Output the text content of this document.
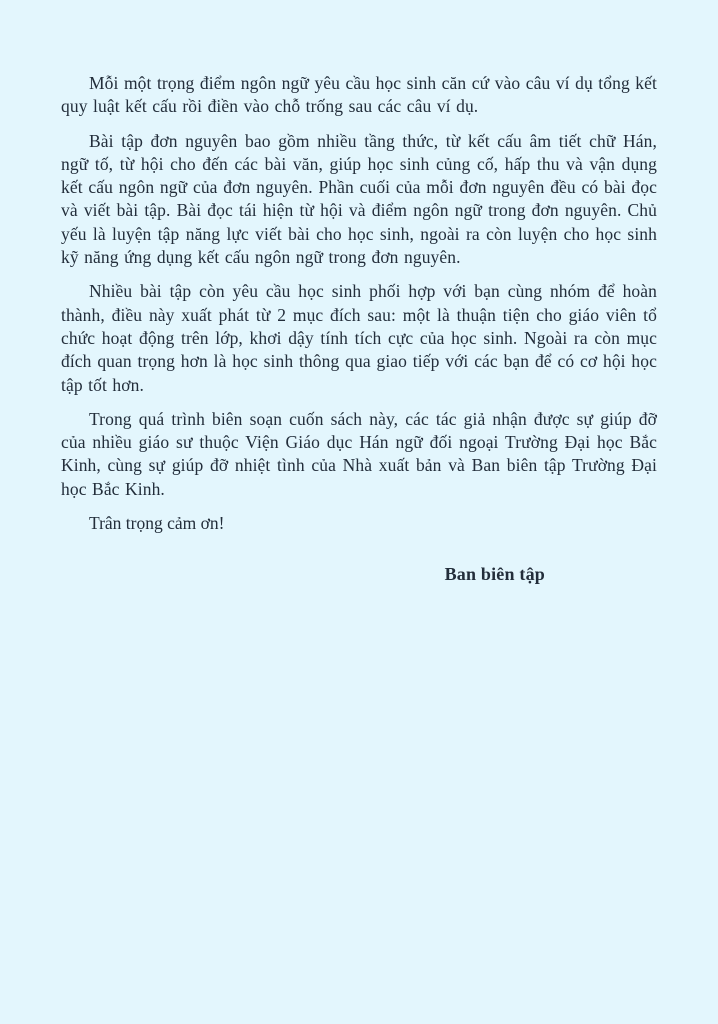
Mỗi một trọng điểm ngôn ngữ yêu cầu học sinh căn cứ vào câu ví dụ tổng kết quy luật kết cấu rồi điền vào chỗ trống sau các câu ví dụ.

Bài tập đơn nguyên bao gồm nhiều tầng thức, từ kết cấu âm tiết chữ Hán, ngữ tố, từ hội cho đến các bài văn, giúp học sinh củng cố, hấp thu và vận dụng kết cấu ngôn ngữ của đơn nguyên. Phần cuối của mỗi đơn nguyên đều có bài đọc và viết bài tập. Bài đọc tái hiện từ hội và điểm ngôn ngữ trong đơn nguyên. Chủ yếu là luyện tập năng lực viết bài cho học sinh, ngoài ra còn luyện cho học sinh kỹ năng ứng dụng kết cấu ngôn ngữ trong đơn nguyên.

Nhiều bài tập còn yêu cầu học sinh phối hợp với bạn cùng nhóm để hoàn thành, điều này xuất phát từ 2 mục đích sau: một là thuận tiện cho giáo viên tổ chức hoạt động trên lớp, khơi dậy tính tích cực của học sinh. Ngoài ra còn mục đích quan trọng hơn là học sinh thông qua giao tiếp với các bạn để có cơ hội học tập tốt hơn.

Trong quá trình biên soạn cuốn sách này, các tác giả nhận được sự giúp đỡ của nhiều giáo sư thuộc Viện Giáo dục Hán ngữ đối ngoại Trường Đại học Bắc Kinh, cùng sự giúp đỡ nhiệt tình của Nhà xuất bản và Ban biên tập Trường Đại học Bắc Kinh.

Trân trọng cảm ơn!

Ban biên tập
